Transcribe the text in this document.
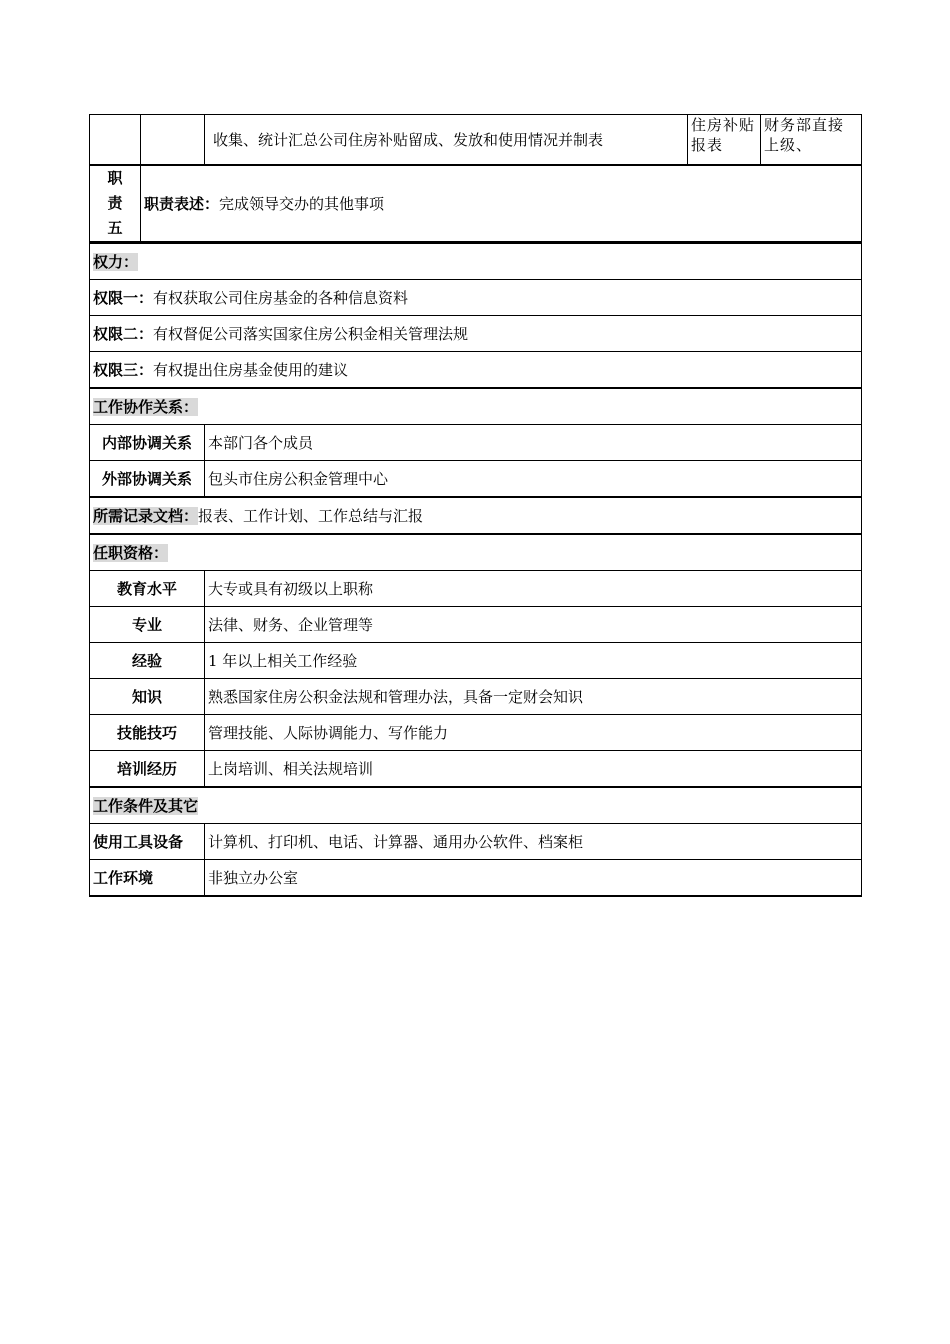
		收集、统计汇总公司住房补贴留成、发放和使用情况并制表	住房补贴报表	财务部直接上级、
职
责
五	职责表述：完成领导交办的其他事项			
权力：	
权限一：有权获取公司住房基金的各种信息资料	
权限二：有权督促公司落实国家住房公积金相关管理法规	
权限三：有权提出住房基金使用的建议	
工作协作关系：	
内部协调关系	本部门各个成员
外部协调关系	包头市住房公积金管理中心
所需记录文档：报表、工作计划、工作总结与汇报	
任职资格：	
教育水平	大专或具有初级以上职称
专业	法律、财务、企业管理等
经验	1 年以上相关工作经验
知识	熟悉国家住房公积金法规和管理办法，具备一定财会知识
技能技巧	管理技能、人际协调能力、写作能力
培训经历	上岗培训、相关法规培训
工作条件及其它	
使用工具设备	计算机、打印机、电话、计算器、通用办公软件、档案柜
工作环境	非独立办公室
